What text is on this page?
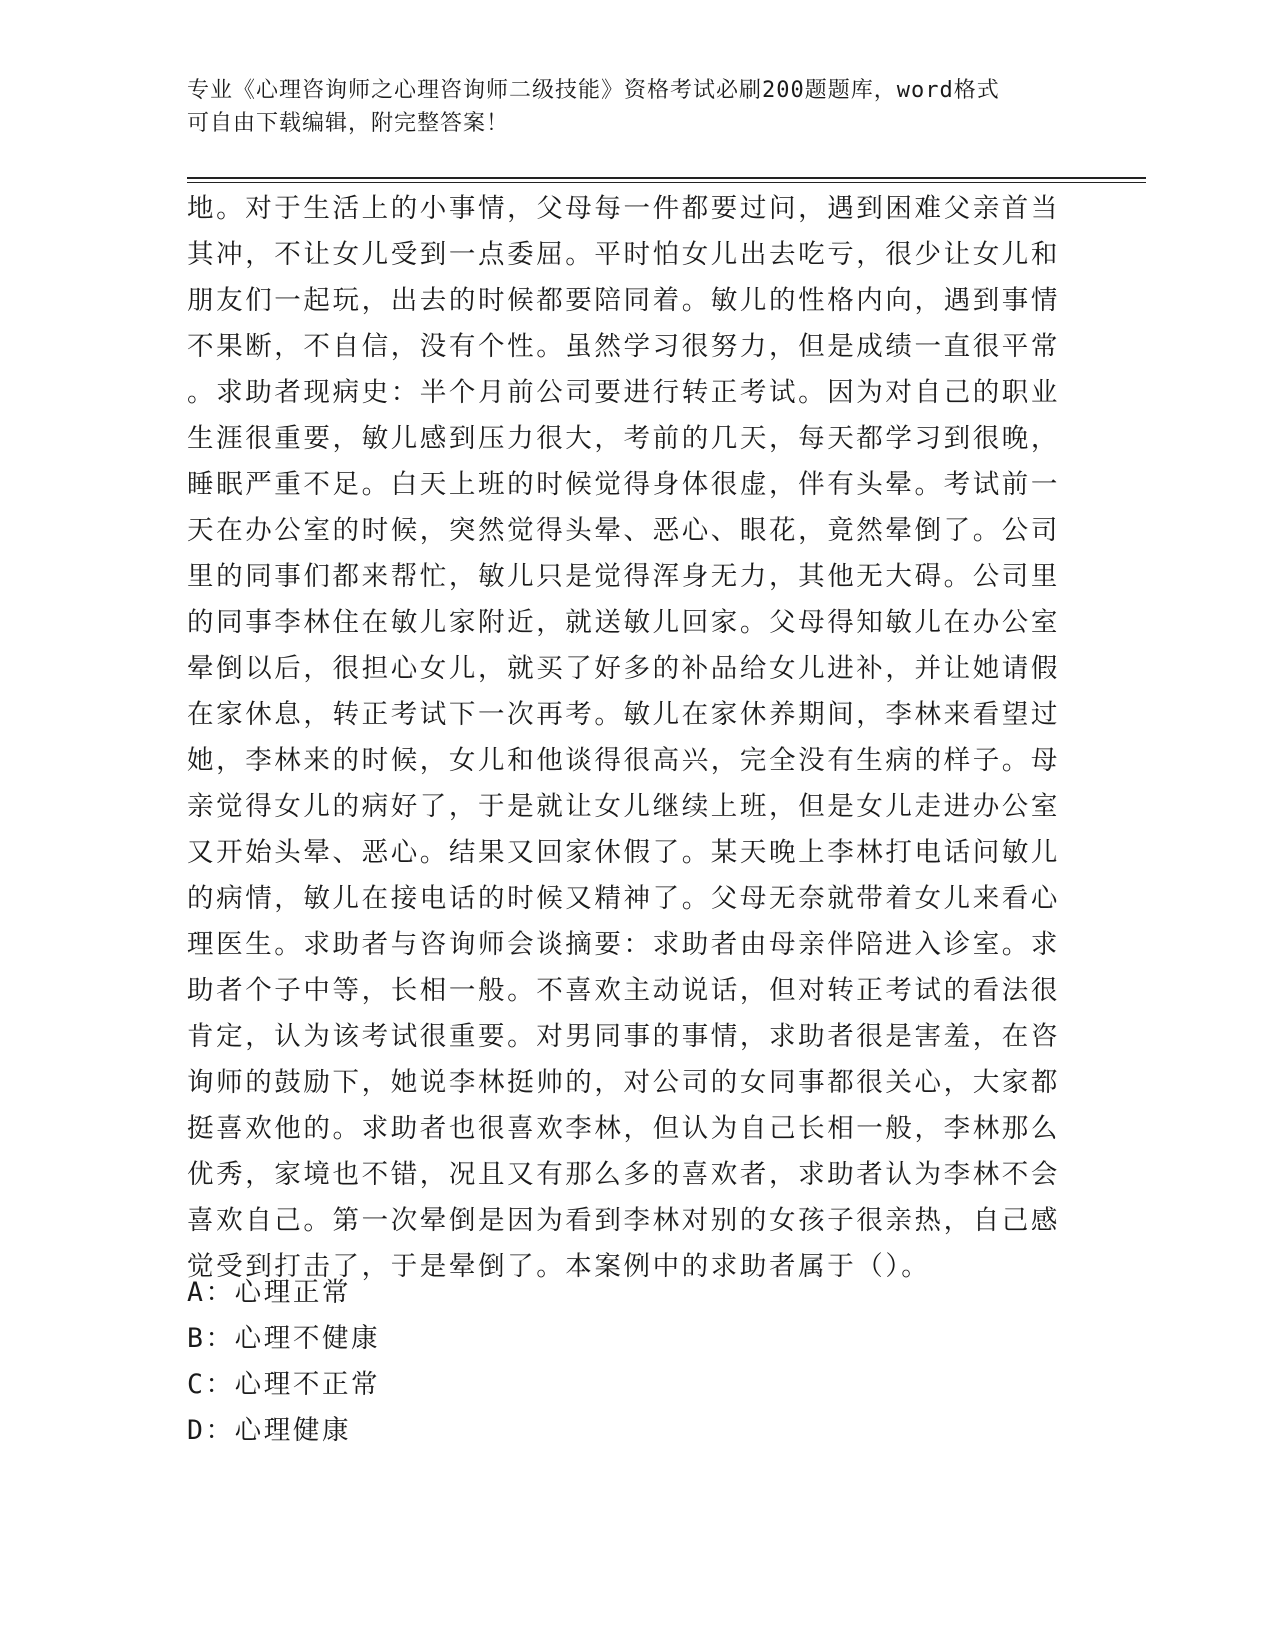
专业《心理咨询师之心理咨询师二级技能》资格考试必刷200题题库，word格式
可自由下载编辑，附完整答案！
地。对于生活上的小事情，父母每一件都要过问，遇到困难父亲首当
其冲，不让女儿受到一点委屈。平时怕女儿出去吃亏，很少让女儿和
朋友们一起玩，出去的时候都要陪同着。敏儿的性格内向，遇到事情
不果断，不自信，没有个性。虽然学习很努力，但是成绩一直很平常
。求助者现病史：半个月前公司要进行转正考试。因为对自己的职业
生涯很重要，敏儿感到压力很大，考前的几天，每天都学习到很晚，
睡眠严重不足。白天上班的时候觉得身体很虚，伴有头晕。考试前一
天在办公室的时候，突然觉得头晕、恶心、眼花，竟然晕倒了。公司
里的同事们都来帮忙，敏儿只是觉得浑身无力，其他无大碍。公司里
的同事李林住在敏儿家附近，就送敏儿回家。父母得知敏儿在办公室
晕倒以后，很担心女儿，就买了好多的补品给女儿进补，并让她请假
在家休息，转正考试下一次再考。敏儿在家休养期间，李林来看望过
她，李林来的时候，女儿和他谈得很高兴，完全没有生病的样子。母
亲觉得女儿的病好了，于是就让女儿继续上班，但是女儿走进办公室
又开始头晕、恶心。结果又回家休假了。某天晚上李林打电话问敏儿
的病情，敏儿在接电话的时候又精神了。父母无奈就带着女儿来看心
理医生。求助者与咨询师会谈摘要：求助者由母亲伴陪进入诊室。求
助者个子中等，长相一般。不喜欢主动说话，但对转正考试的看法很
肯定，认为该考试很重要。对男同事的事情，求助者很是害羞，在咨
询师的鼓励下，她说李林挺帅的，对公司的女同事都很关心，大家都
挺喜欢他的。求助者也很喜欢李林，但认为自己长相一般，李林那么
优秀，家境也不错，况且又有那么多的喜欢者，求助者认为李林不会
喜欢自己。第一次晕倒是因为看到李林对别的女孩子很亲热，自己感
觉受到打击了，于是晕倒了。本案例中的求助者属于（）。
A：心理正常
B：心理不健康
C：心理不正常
D：心理健康
